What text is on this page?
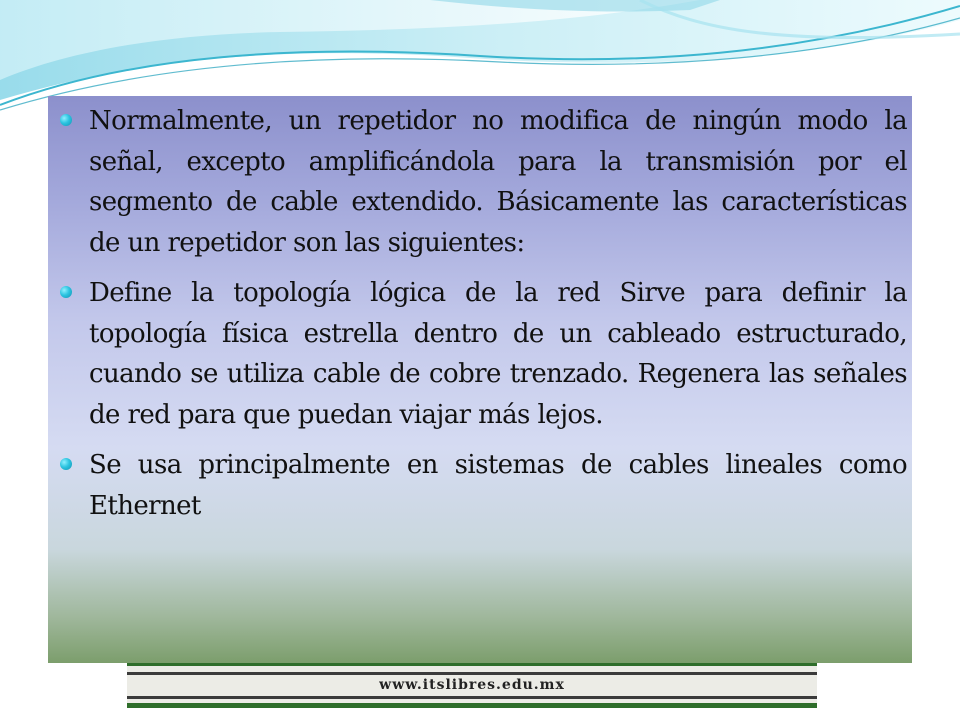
Normalmente, un repetidor no modifica de ningún modo la señal, excepto amplificándola para la transmisión por el segmento de cable extendido. Básicamente las características de un repetidor son las siguientes:
Define la topología lógica de la red Sirve para definir la topología física estrella dentro de un cableado estructurado, cuando se utiliza cable de cobre trenzado. Regenera las señales de red para que puedan viajar más lejos.
Se usa principalmente en sistemas de cables lineales como Ethernet
www.itslibres.edu.mx
